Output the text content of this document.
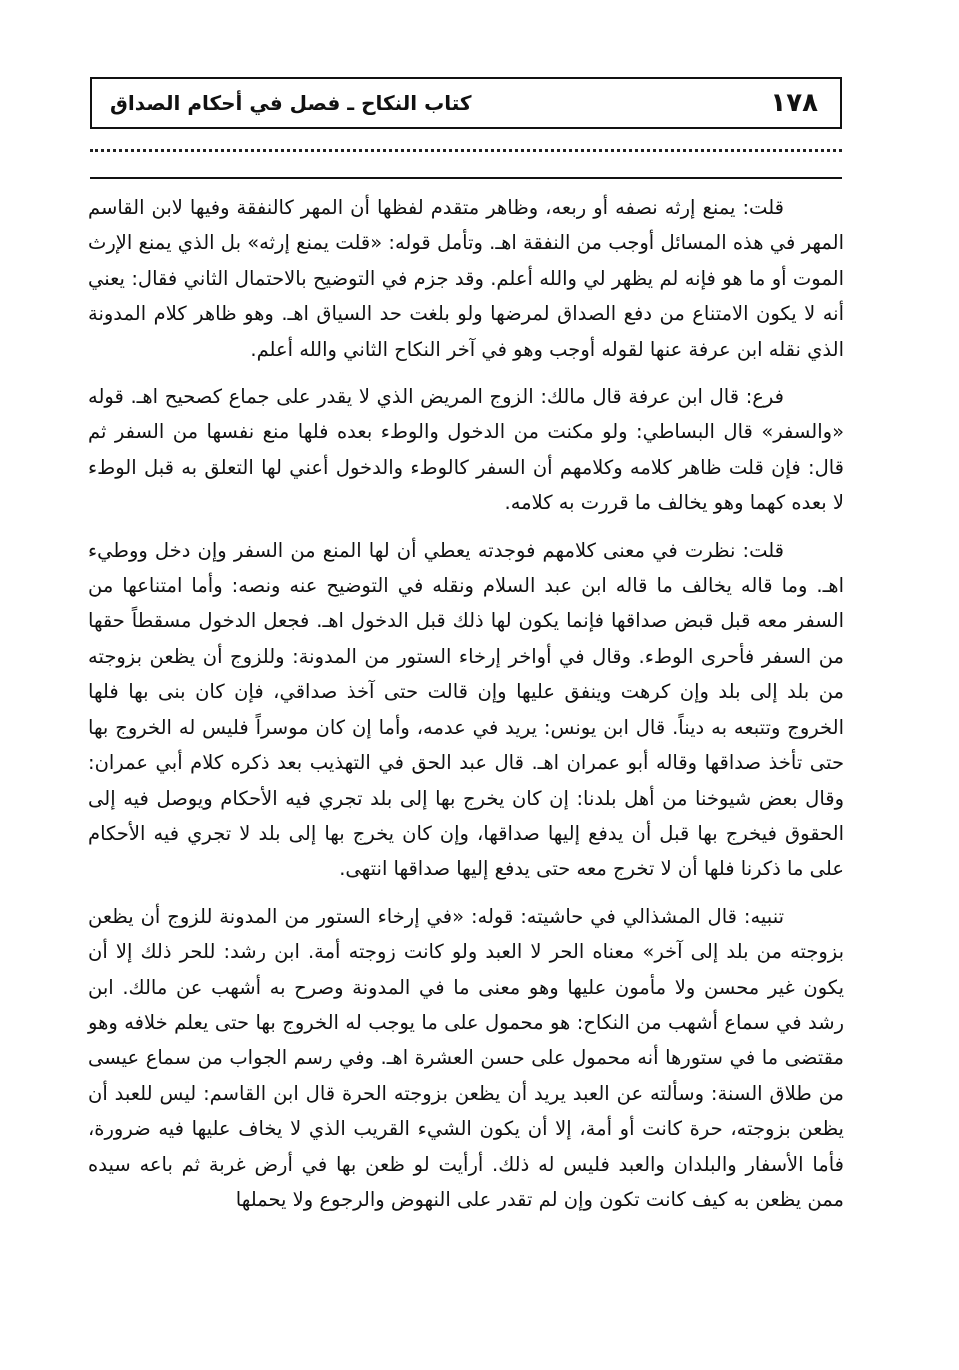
١٧٨
كتاب النكاح ـ فصل في أحكام الصداق

قلت: يمنع إرثه نصفه أو ربعه، وظاهر متقدم لفظها أن المهر كالنفقة وفيها لابن القاسم المهر في هذه المسائل أوجب من النفقة اهـ. وتأمل قوله: «قلت يمنع إرثه» بل الذي يمنع الإرث الموت أو ما هو فإنه لم يظهر لي والله أعلم. وقد جزم في التوضيح بالاحتمال الثاني فقال: يعني أنه لا يكون الامتناع من دفع الصداق لمرضها ولو بلغت حد السياق اهـ. وهو ظاهر كلام المدونة الذي نقله ابن عرفة عنها لقوله أوجب وهو في آخر النكاح الثاني والله أعلم.

فرع: قال ابن عرفة قال مالك: الزوج المريض الذي لا يقدر على جماع كصحيح اهـ. قوله «والسفر» قال البساطي: ولو مكنت من الدخول والوطء بعده فلها منع نفسها من السفر ثم قال: فإن قلت ظاهر كلامه وكلامهم أن السفر كالوطء والدخول أعني لها التعلق به قبل الوطء لا بعده كهما وهو يخالف ما قررت به كلامه.

قلت: نظرت في معنى كلامهم فوجدته يعطي أن لها المنع من السفر وإن دخل ووطيء اهـ. وما قاله يخالف ما قاله ابن عبد السلام ونقله في التوضيح عنه ونصه: وأما امتناعها من السفر معه قبل قبض صداقها فإنما يكون لها ذلك قبل الدخول اهـ. فجعل الدخول مسقطاً حقها من السفر فأحرى الوطء. وقال في أواخر إرخاء الستور من المدونة: وللزوج أن يظعن بزوجته من بلد إلى بلد وإن كرهت وينفق عليها وإن قالت حتى آخذ صداقي، فإن كان بنى بها فلها الخروج وتتبعه به ديناً. قال ابن يونس: يريد في عدمه، وأما إن كان موسراً فليس له الخروج بها حتى تأخذ صداقها وقاله أبو عمران اهـ. قال عبد الحق في التهذيب بعد ذكره كلام أبي عمران: وقال بعض شيوخنا من أهل بلدنا: إن كان يخرج بها إلى بلد تجري فيه الأحكام ويوصل فيه إلى الحقوق فيخرج بها قبل أن يدفع إليها صداقها، وإن كان يخرج بها إلى بلد لا تجري فيه الأحكام على ما ذكرنا فلها أن لا تخرج معه حتى يدفع إليها صداقها انتهى.

تنبيه: قال المشذالي في حاشيته: قوله: «في إرخاء الستور من المدونة للزوج أن يظعن بزوجته من بلد إلى آخر» معناه الحر لا العبد ولو كانت زوجته أمة. ابن رشد: للحر ذلك إلا أن يكون غير محسن ولا مأمون عليها وهو معنى ما في المدونة وصرح به أشهب عن مالك. ابن رشد في سماع أشهب من النكاح: هو محمول على ما يوجب له الخروج بها حتى يعلم خلافه وهو مقتضى ما في ستورها أنه محمول على حسن العشرة اهـ. وفي رسم الجواب من سماع عيسى من طلاق السنة: وسألته عن العبد يريد أن يظعن بزوجته الحرة قال ابن القاسم: ليس للعبد أن يظعن بزوجته، حرة كانت أو أمة، إلا أن يكون الشيء القريب الذي لا يخاف عليها فيه ضرورة، فأما الأسفار والبلدان والعبد فليس له ذلك. أرأيت لو ظعن بها في أرض غربة ثم باعه سيده ممن يظعن به كيف كانت تكون وإن لم تقدر على النهوض والرجوع ولا يحملها
